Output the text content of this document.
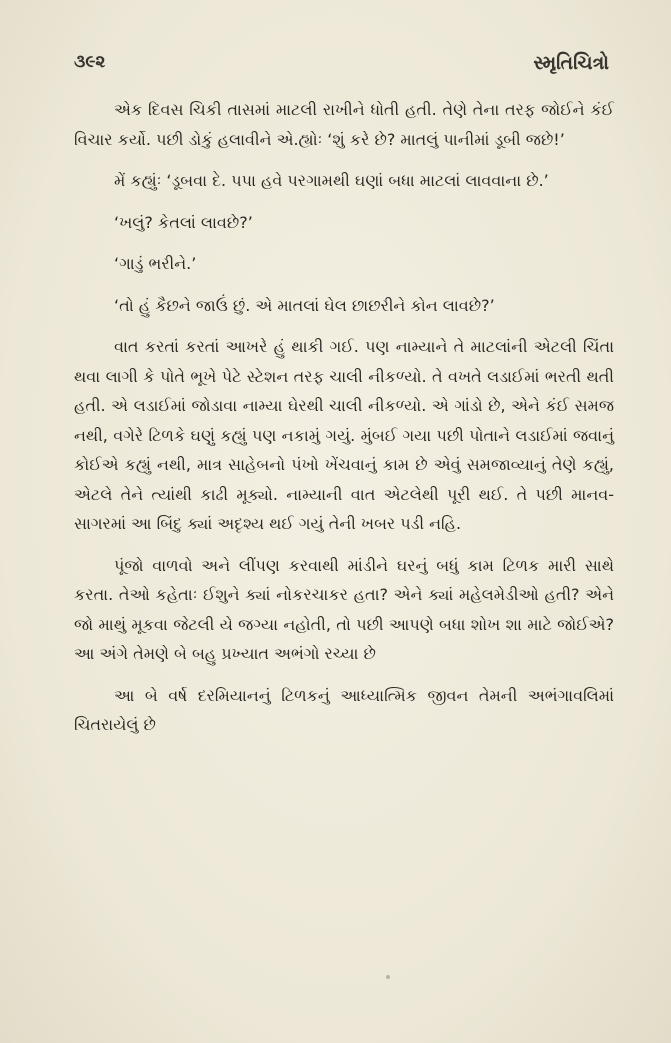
૩૯૨	સ્મૃતિચિત્રો

એક દિવસ ચિકી તાસમાં માટલી રાખીને ધોતી હતી. તેણે તેના તરફ જોઈને કંઈ વિચાર કર્યો. પછી ડોકું હલાવીને એ.હ્યોઃ ‘શું કરે છે? માતલું પાનીમાં ડૂબી જછે!’

મેં કહ્યુંઃ ‘ડૂબવા દે. પપા હવે પરગામથી ઘણાં બધા માટલાં લાવવાના છે.’

‘ખલું? કેતલાં લાવછે?’

‘ગાડું ભરીને.’

‘તો હું કૈછને જાઉં છું. એ માતલાં ઘેલ છાછરીને કોન લાવછે?’

વાત કરતાં કરતાં આખરે હું થાકી ગઈ. પણ નામ્યાને તે માટલાંની એટલી ચિંતા થવા લાગી કે પોતે ભૂખે પેટે સ્ટેશન તરફ ચાલી નીકળ્યો. તે વખતે લડાઈમાં ભરતી થતી હતી. એ લડાઈમાં જોડાવા નામ્યા ઘેરથી ચાલી નીકળ્યો. એ ગાંડો છે, એને કંઈ સમજ નથી, વગેરે ટિળકે ઘણું કહ્યું પણ નકામું ગયું. મુંબઈ ગયા પછી પોતાને લડાઈમાં જવાનું કોઈએ કહ્યું નથી, માત્ર સાહેબનો પંખો ખેંચવાનું કામ છે એવું સમજાવ્યાનું તેણે કહ્યું, એટલે તેને ત્યાંથી કાઢી મૂક્યો. નામ્યાની વાત એટલેથી પૂરી થઈ. તે પછી માનવ-સાગરમાં આ બિંદુ ક્યાં અદૃશ્ય થઈ ગયું તેની ખબર પડી નહિ.

પૂંજો વાળવો અને લીંપણ કરવાથી માંડીને ઘરનું બધું કામ ટિળક મારી સાથે કરતા. તેઓ કહેતાઃ ઈશુને ક્યાં નોકરચાકર હતા? એને ક્યાં મહેલમેડીઓ હતી? એને જો માથું મૂકવા જેટલી યે જગ્યા નહોતી, તો પછી આપણે બધા શોખ શા માટે જોઈએ? આ અંગે તેમણે બે બહુ પ્રખ્યાત અભંગો રચ્યા છે

આ બે વર્ષ દરમિયાનનું ટિળકનું આધ્યાત્મિક જીવન તેમની અભંગાવલિમાં ચિતરાયેલું છે
